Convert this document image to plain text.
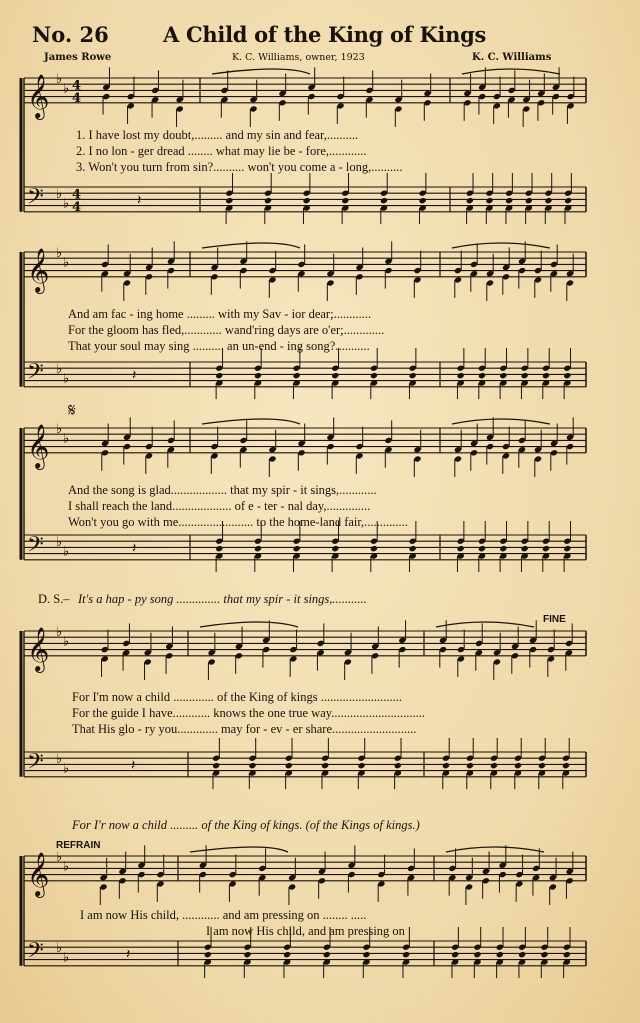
No. 26	A Child of the King of Kings
James Rowe	K. C. Williams, owner, 1923	K. C. Williams
𝄞 ♭
♭
𝄢 ♭
♭
4
4
4
4	𝄽
𝄞 ♭
♭
𝄢 ♭
♭	𝄽
𝄞 ♭
♭
𝄢 ♭
♭	𝄽
𝄞 ♭
♭
𝄢 ♭
♭	𝄽
𝄞 ♭
♭
𝄢 ♭
♭	𝄽
1. I have lost my doubt,......... and my sin and fear,..........
2. I no lon - ger dread ........ what may lie be - fore,............
3. Won't you turn from sin?.......... won't you come a - long,..........
And am fac - ing home ......... with my Sav - ior dear;............
For the gloom has fled,............ wand'ring days are o'er;.............
That your soul may sing .......... an un-end - ing song?...........
And the song is glad.................. that my spir - it sings,............
I shall reach the land................... of e - ter - nal day,..............
Won't you go with me........................ to the home-land fair,..............
D. S.– It's a hap - py song .............. that my spir - it sings,...........
FINE
For I'm now a child ............. of the King of kings ..........................
For the guide I have............ knows the one true way..............................
That His glo - ry you............. may for - ev - er share...........................
For I'r now a child ......... of the King of kings. (of the Kings of kings.)
REFRAIN
I am now His child, ............ and am pressing on ........ .....
I am now His child, and am pressing on
𝄋
